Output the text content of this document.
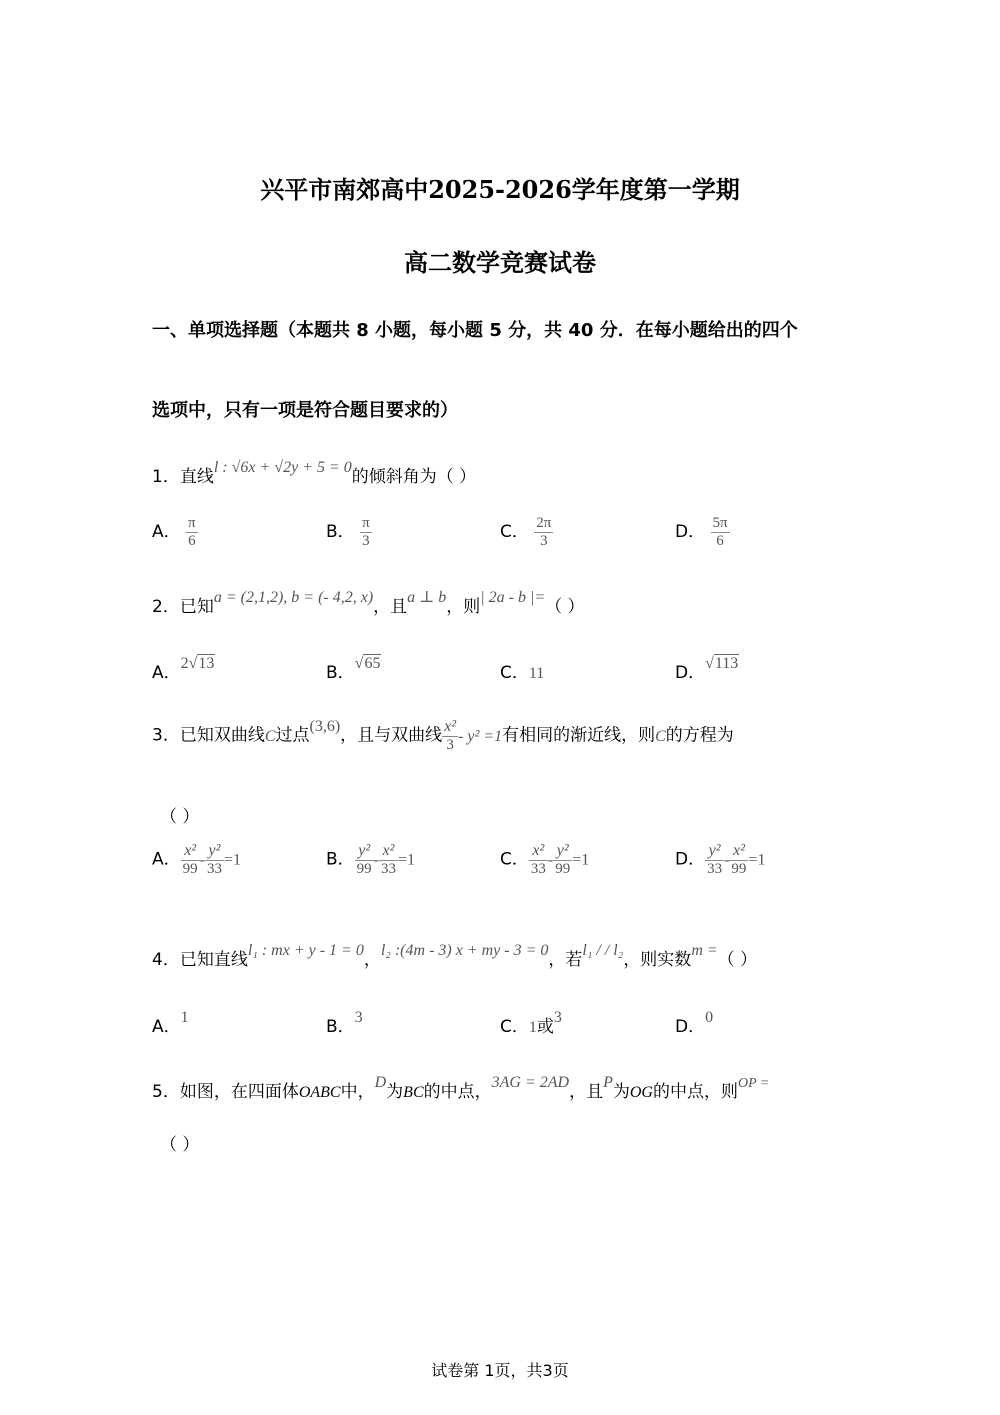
兴平市南郊高中2025-2026学年度第一学期
高二数学竞赛试卷
一、单项选择题（本题共 8 小题，每小题 5 分，共 40 分．在每小题给出的四个
选项中，只有一项是符合题目要求的）
1．直线l : √6x + √2y + 5 = 0的倾斜角为（ ）
A． $\frac{\pi}{6}$	B． $\frac{\pi}{3}$	C． $\frac{2\pi}{3}$	D． $\frac{5\pi}{6}$
2．已知a = (2,1,2), b = (- 4,2, x)，且a ⊥ b，则| 2a - b |=（ ）
A．2√13	B．√65	C．11	D．√113
3．已知双曲线C过点(3,6)，且与双曲线 $\frac{\text{x²}}{3} - y^2 =1$有相同的渐近线，则C的方程为
（ ）
A． $\frac{\text{x²}}{99} - \frac{\text{y²}}{33} =1$	B． $\frac{\text{y²}}{99} - \frac{\text{x²}}{33} =1$	C． $\frac{\text{x²}}{33} - \frac{\text{y²}}{99} =1$	D． $\frac{\text{y²}}{33} - \frac{\text{x²}}{99} =1$
4．已知直线l₁ : mx + y - 1 = 0，l₂ :(4m - 3) x + my - 3 = 0，若l₁ / / l₂，则实数m =（ ）
A．1	B．3	C．1或3	D．0
5．如图，在四面体OABC中，D为BC的中点，3AG = 2AD，且P为OG的中点，则OP =
（ ）
试卷第 1页，共3页
